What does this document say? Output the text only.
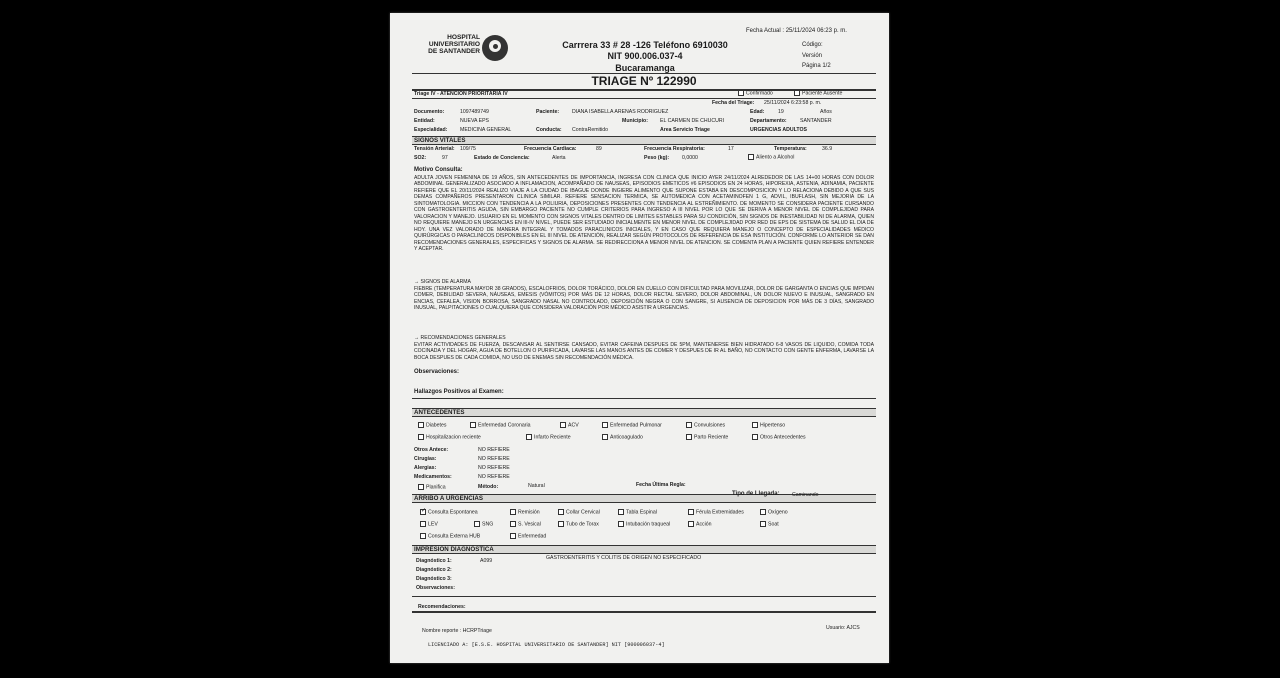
HOSPITAL
UNIVERSITARIO
DE SANTANDER
Carrrera 33 # 28 -126 Teléfono 6910030
NIT 900.006.037-4
Bucaramanga
Fecha Actual : 25/11/2024 06:23 p. m.
Código:
Versión
Página 1/2
TRIAGE Nº 122990
Triage IV - ATENCION PRIORITARIA IV	Confirmado	Paciente Ausente
Fecha del Triage: 25/11/2024 6:23:58 p. m.
Documento:	1097489749	Paciente: DIANA ISABELLA ARENAS RODRIGUEZ	Edad:	19	Años
Entidad:	NUEVA EPS	Municipio: EL CARMEN DE CHUCURI	Departamento:	SANTANDER
Especialidad: MEDICINA GENERAL	Conducta: ContraRemitido	Area Servicio Triage	URGENCIAS ADULTOS
SIGNOS VITALES
Tensión Arterial: 109/75	Frecuencia Cardiaca:	89	Frecuencia Respiratoria:	17	Temperatura:	36.9
SO2:	97	Estado de Conciencia:	Alerta	Peso (kg): 0,0000	Aliento a Alcohol
Motivo Consulta:
ADULTA JOVEN FEMENINA DE 19 AÑOS, SIN ANTECEDENTES DE IMPORTANCIA, INGRESA CON CLINICA QUE INICIO AYER 24/11/2024 ALREDEDOR DE LAS 14+00 HORAS CON DOLOR ABDOMINAL GENERALIZADO ASOCIADO A INFLAMACION, ACOMPAÑADO DE NAUSEAS, EPISODIOS EMETICOS #6 EPISODIOS EN 24 HORAS, HIPOREXIA, ASTENIA, ADINAMIA, PACIENTE REFIERE QUE EL 20/11/2024 REALIZO VIAJE A LA CIUDAD DE IBAGUE DONDE INGIERE ALIMENTO QUE SUPONE ESTABA EN DESCOMPOSICION Y LO RELACIONA DEBIDO A QUE SUS DEMAS COMPAÑEROS PRESENTARON CLINICA SIMILAR. REFIERE SENSACION TERMICA, SE AUTOMEDICA CON ACETAMINOFEN 1 G, ADVIL, IBUFLASH, SIN MEJORIA DE LA SINTOMATOLOGIA. MICCION CON TENDENCIA A LA POLIURIA, DEPOSICIONES PRESENTES CON TENDENCIA AL ESTREÑIMIENTO. DE MOMENTO SE CONSIDERA PACIENTE CURSANDO CON GASTROENTERITIS AGUDA, SIN EMBARGO PACIENTE NO CUMPLE CRITERIOS PARA INGRESO A III NIVEL POR LO QUE SE DERIVA A MENOR NIVEL DE COMPLEJIDAD PARA VALORACION Y MANEJO. USUARIO EN EL MOMENTO CON SIGNOS VITALES DENTRO DE LIMITES ESTABLES PARA SU CONDICIÓN, SIN SIGNOS DE INESTABILIDAD NI DE ALARMA, QUIEN NO REQUIERE MANEJO EN URGENCIAS EN III-IV NIVEL, PUEDE SER ESTUDIADO INICIALMENTE EN MENOR NIVEL DE COMPLEJIDAD POR RED DE EPS DE SISTEMA DE SALUD EL DIA DE HOY. UNA VEZ VALORADO DE MANERA INTEGRAL Y TOMADOS PARACLINICOS INICIALES, Y EN CASO QUE REQUIERA MANEJO O CONCEPTO DE ESPECIALIDADES MÉDICO QUIRÚRGICAS O PARACLINICOS DISPONIBLES EN EL III NIVEL DE ATENCIÓN, REALIZAR SEGÚN PROTOCOLOS DE REFERENCIA DE ESA INSTITUCIÓN. CONFORME LO ANTERIOR SE DAN RECOMENDACIONES GENERALES, ESPECIFICAS Y SIGNOS DE ALARMA. SE REDIRECCIONA A MENOR NIVEL DE ATENCION. SE COMENTA PLAN A PACIENTE QUIEN REFIERE ENTENDER Y ACEPTAR.
→ SIGNOS DE ALARMA
FIEBRE (TEMPERATURA MAYOR 38 GRADOS), ESCALOFRIOS, DOLOR TORÁCICO, DOLOR EN CUELLO CON DIFICULTAD PARA MOVILIZAR, DOLOR DE GARGANTA O ENCIAS QUE IMPIDAN COMER, DEBILIDAD SEVERA, NÁUSEAS, EMESIS (VÓMITOS) POR MÁS DE 12 HORAS, DOLOR RECTAL SEVERO, DOLOR ABDOMINAL, UN DOLOR NUEVO E INUSUAL, SANGRADO EN ENCIAS, CEFALEA, VISION BORROSA, SANGRADO NASAL NO CONTROLADO, DEPOSICIÓN NEGRA O CON SANGRE, SI AUSENCIA DE DEPOSICION POR MÁS DE 3 DÍAS, SANGRADO INUSUAL, PALPITACIONES O CUALQUIERA QUE CONSIDERA VALORACIÓN POR MÉDICO ASISTIR A URGENCIAS.
→ RECOMENDACIONES GENERALES
EVITAR ACTIVIDADES DE FUERZA, DESCANSAR AL SENTIRSE CANSADO, EVITAR CAFEINA DESPUES DE 5PM, MANTENERSE BIEN HIDRATADO 6-8 VASOS DE LIQUIDO, COMIDA TODA COCINADA Y DEL HOGAR, AGUA DE BOTELLON O PURIFICADA, LAVARSE LAS MANOS ANTES DE COMER Y DESPUES DE IR AL BAÑO, NO CONTACTO CON GENTE ENFERMA, LAVARSE LA BOCA DESPUES DE CADA COMIDA, NO USO DE ENEMAS SIN RECOMENDACIÓN MÉDICA.
Observaciones:
Hallazgos Positivos al Examen:
ANTECEDENTES
Diabetes	Enfermedad Coronaria	ACV	Enfermedad Pulmonar	Convulsiones	Hipertenso
Hospitalizacion reciente	Infarto Reciente	Anticoagulado	Parto Reciente	Otros Antecedentes
Otros Antece:	NO REFIERE
Cirugías:	NO REFIERE
Alergias:	NO REFIERE
Medicamentos:	NO REFIERE
Planifica	Método:	Natural	Fecha Última Regla:
ARRIBO A URGENCIAS
Tipo de Llegada: Caminando
✓Consulta Espontanea	Remisión	Collar Cervical	Tabla Espinal	Férula Extremidades	Oxígeno
LEV	SNG	S. Vesical	Tubo de Torax	Intubación traqueal	Acción	Soat
Consulta Externa HUB	Enfermedad
IMPRESION DIAGNÓSTICA
Diagnóstico 1:	A099	GASTROENTERITIS Y COLITIS DE ORIGEN NO ESPECIFICADO
Diagnóstico 2:
Diagnóstico 3:
Observaciones:
Recomendaciones:
Nombre reporte : HCRPTriage	Usuario: AJCS
LICENCIADO A: [E.S.E. HOSPITAL UNIVERSITARIO DE SANTANDER] NIT [900006037-4]
